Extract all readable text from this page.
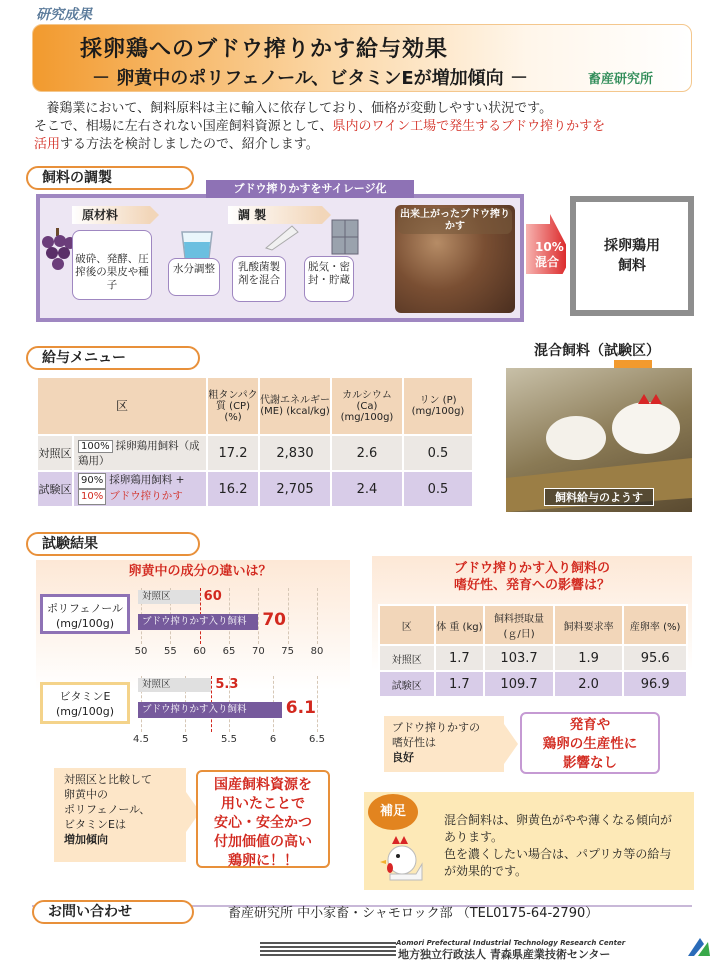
研究成果
採卵鶏へのブドウ搾りかす給与効果
－ 卵黄中のポリフェノール、ビタミンEが増加傾向 －	畜産研究所
養鶏業において、飼料原料は主に輸入に依存しており、価格が変動しやすい状況です。
そこで、相場に左右されない国産飼料資源として、県内のワイン工場で発生するブドウ搾りかすを
活用する方法を検討しましたので、紹介します。
飼料の調製
ブドウ搾りかすをサイレージ化
原材料	調 製
破砕、発酵、圧搾後の果皮や種子
水分調整	乳酸菌製剤を混合
脱気・密封・貯蔵
出来上がったブドウ搾りかす
10%
混合
採卵鶏用
飼料
給与メニュー
区		粗タンパク質 (CP) (%)	代謝エネルギー (ME) (kcal/kg)	カルシウム (Ca) (mg/100g)	リン (P) (mg/100g)
対照区	100% 採卵鶏用飼料（成鶏用）	17.2	2,830	2.6	0.5
試験区	90% 採卵鶏用飼料 +
10% ブドウ搾りかす	16.2	2,705	2.4	0.5
混合飼料（試験区）
飼料給与のようす
試験結果
卵黄中の成分の違いは？
ポリフェノール
(mg/100g)
50	55	60	65	70	75	80
対照区	60
ブドウ搾りかす入り飼料 70
ビタミンE
(mg/100g)
4.5	5	5.5	6	6.5
対照区	5.3
ブドウ搾りかす入り飼料	6.1
対照区と比較して
卵黄中の
ポリフェノール、
ビタミンEは
増加傾向
国産飼料資源を
用いたことで
安心・安全かつ
付加価値の高い
鶏卵に！！
ブドウ搾りかす入り飼料の
嗜好性、発育への影響は？
区	体 重 (kg)	飼料摂取量 (ｇ/日)	飼料要求率	産卵率 (%)
対照区	1.7	103.7	1.9	95.6
試験区	1.7	109.7	2.0	96.9
ブドウ搾りかすの
嗜好性は
良好
発育や
鶏卵の生産性に
影響なし
補足
混合飼料は、卵黄色がやや薄くなる傾向が
あります。
色を濃くしたい場合は、パプリカ等の給与
が効果的です。
お問い合わせ	畜産研究所 中小家畜・シャモロック部 （TEL0175-64-2790）
Aomori Prefectural Industrial Technology Research Center
地方独立行政法人 青森県産業技術センター
